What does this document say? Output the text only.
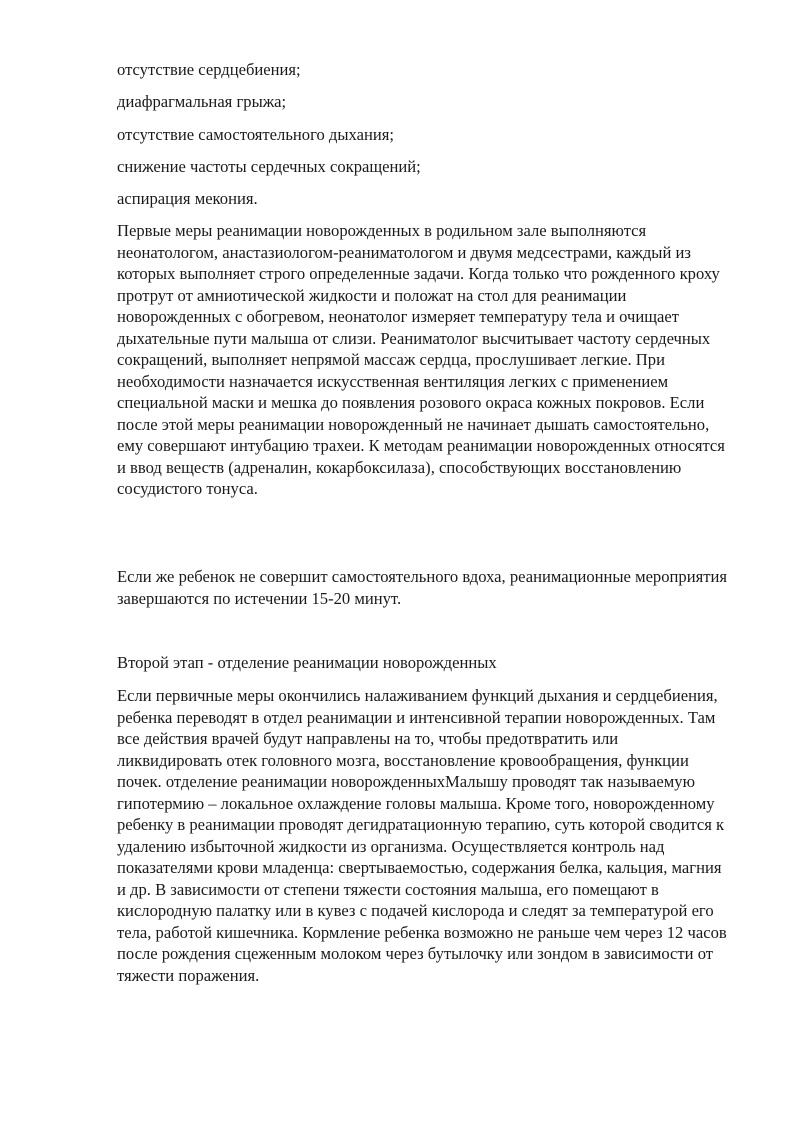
отсутствие сердцебиения;

диафрагмальная грыжа;

отсутствие самостоятельного дыхания;

снижение частоты сердечных сокращений;

аспирация мекония.

Первые меры реанимации новорожденных в родильном зале выполняются неонатологом, анастазиологом-реаниматологом и двумя медсестрами, каждый из которых выполняет строго определенные задачи. Когда только что рожденного кроху протрут от амниотической жидкости и положат на стол для реанимации новорожденных с обогревом, неонатолог измеряет температуру тела и очищает дыхательные пути малыша от слизи. Реаниматолог высчитывает частоту сердечных сокращений, выполняет непрямой массаж сердца, прослушивает легкие. При необходимости назначается искусственная вентиляция легких с применением специальной маски и мешка до появления розового окраса кожных покровов. Если после этой меры реанимации новорожденный не начинает дышать самостоятельно, ему совершают интубацию трахеи. К методам реанимации новорожденных относятся и ввод веществ (адреналин, кокарбоксилаза), способствующих восстановлению сосудистого тонуса.

Если же ребенок не совершит самостоятельного вдоха, реанимационные мероприятия завершаются по истечении 15-20 минут.

Второй этап - отделение реанимации новорожденных

Если первичные меры окончились налаживанием функций дыхания и сердцебиения, ребенка переводят в отдел реанимации и интенсивной терапии новорожденных. Там все действия врачей будут направлены на то, чтобы предотвратить или ликвидировать отек головного мозга, восстановление кровообращения, функции почек. отделение реанимации новорожденныхМалышу проводят так называемую гипотермию – локальное охлаждение головы малыша. Кроме того, новорожденному ребенку в реанимации проводят дегидратационную терапию, суть которой сводится к удалению избыточной жидкости из организма. Осуществляется контроль над показателями крови младенца: свертываемостью, содержания белка, кальция, магния и др. В зависимости от степени тяжести состояния малыша, его помещают в кислородную палатку или в кувез с подачей кислорода и следят за температурой его тела, работой кишечника. Кормление ребенка возможно не раньше чем через 12 часов после рождения сцеженным молоком через бутылочку или зондом в зависимости от тяжести поражения.
